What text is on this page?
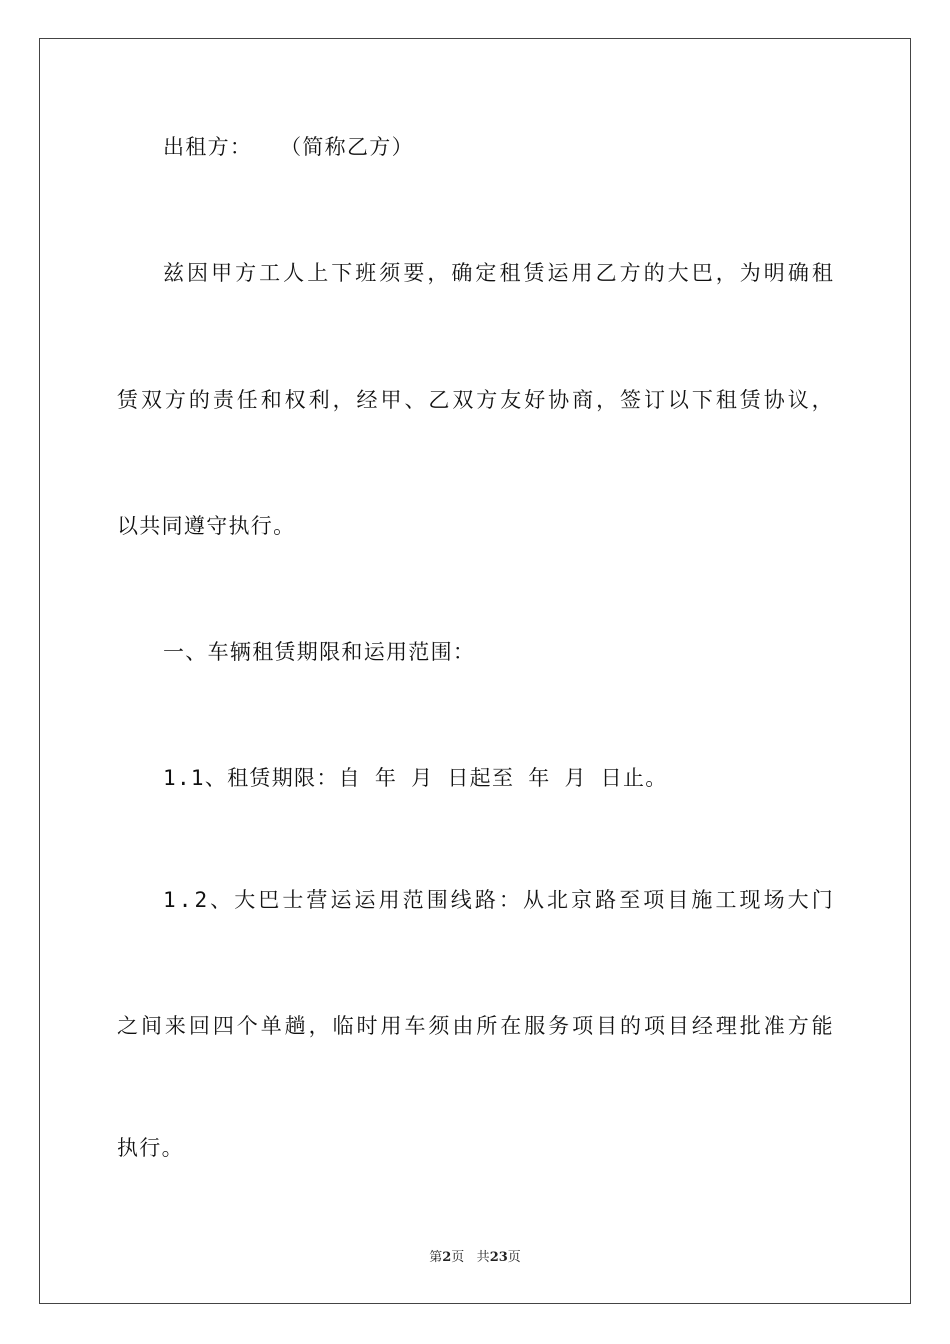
出租方：  （简称乙方）
兹 因 甲 方 工 人 上 下 班 须 要 ， 确 定 租 赁 运 用 乙 方 的 大 巴 ， 为 明 确 租
赁 双 方 的 责 任 和 权 利 ， 经 甲 、 乙 双 方 友 好 协 商 ， 签 订 以 下 租 赁 协 议 ，
以共同遵守执行。
一、车辆租赁期限和运用范围：
1.1、租赁期限：自 年 月 日起至 年 月 日止。
1 . 2 、 大 巴 士 营 运 运 用 范 围 线 路 ： 从 北 京 路 至 项 目 施 工 现 场 大 门
之 间 来 回 四 个 单 趟 ， 临 时 用 车 须 由 所 在 服 务 项 目 的 项 目 经 理 批 准 方 能
执行。
第2页 共23页
